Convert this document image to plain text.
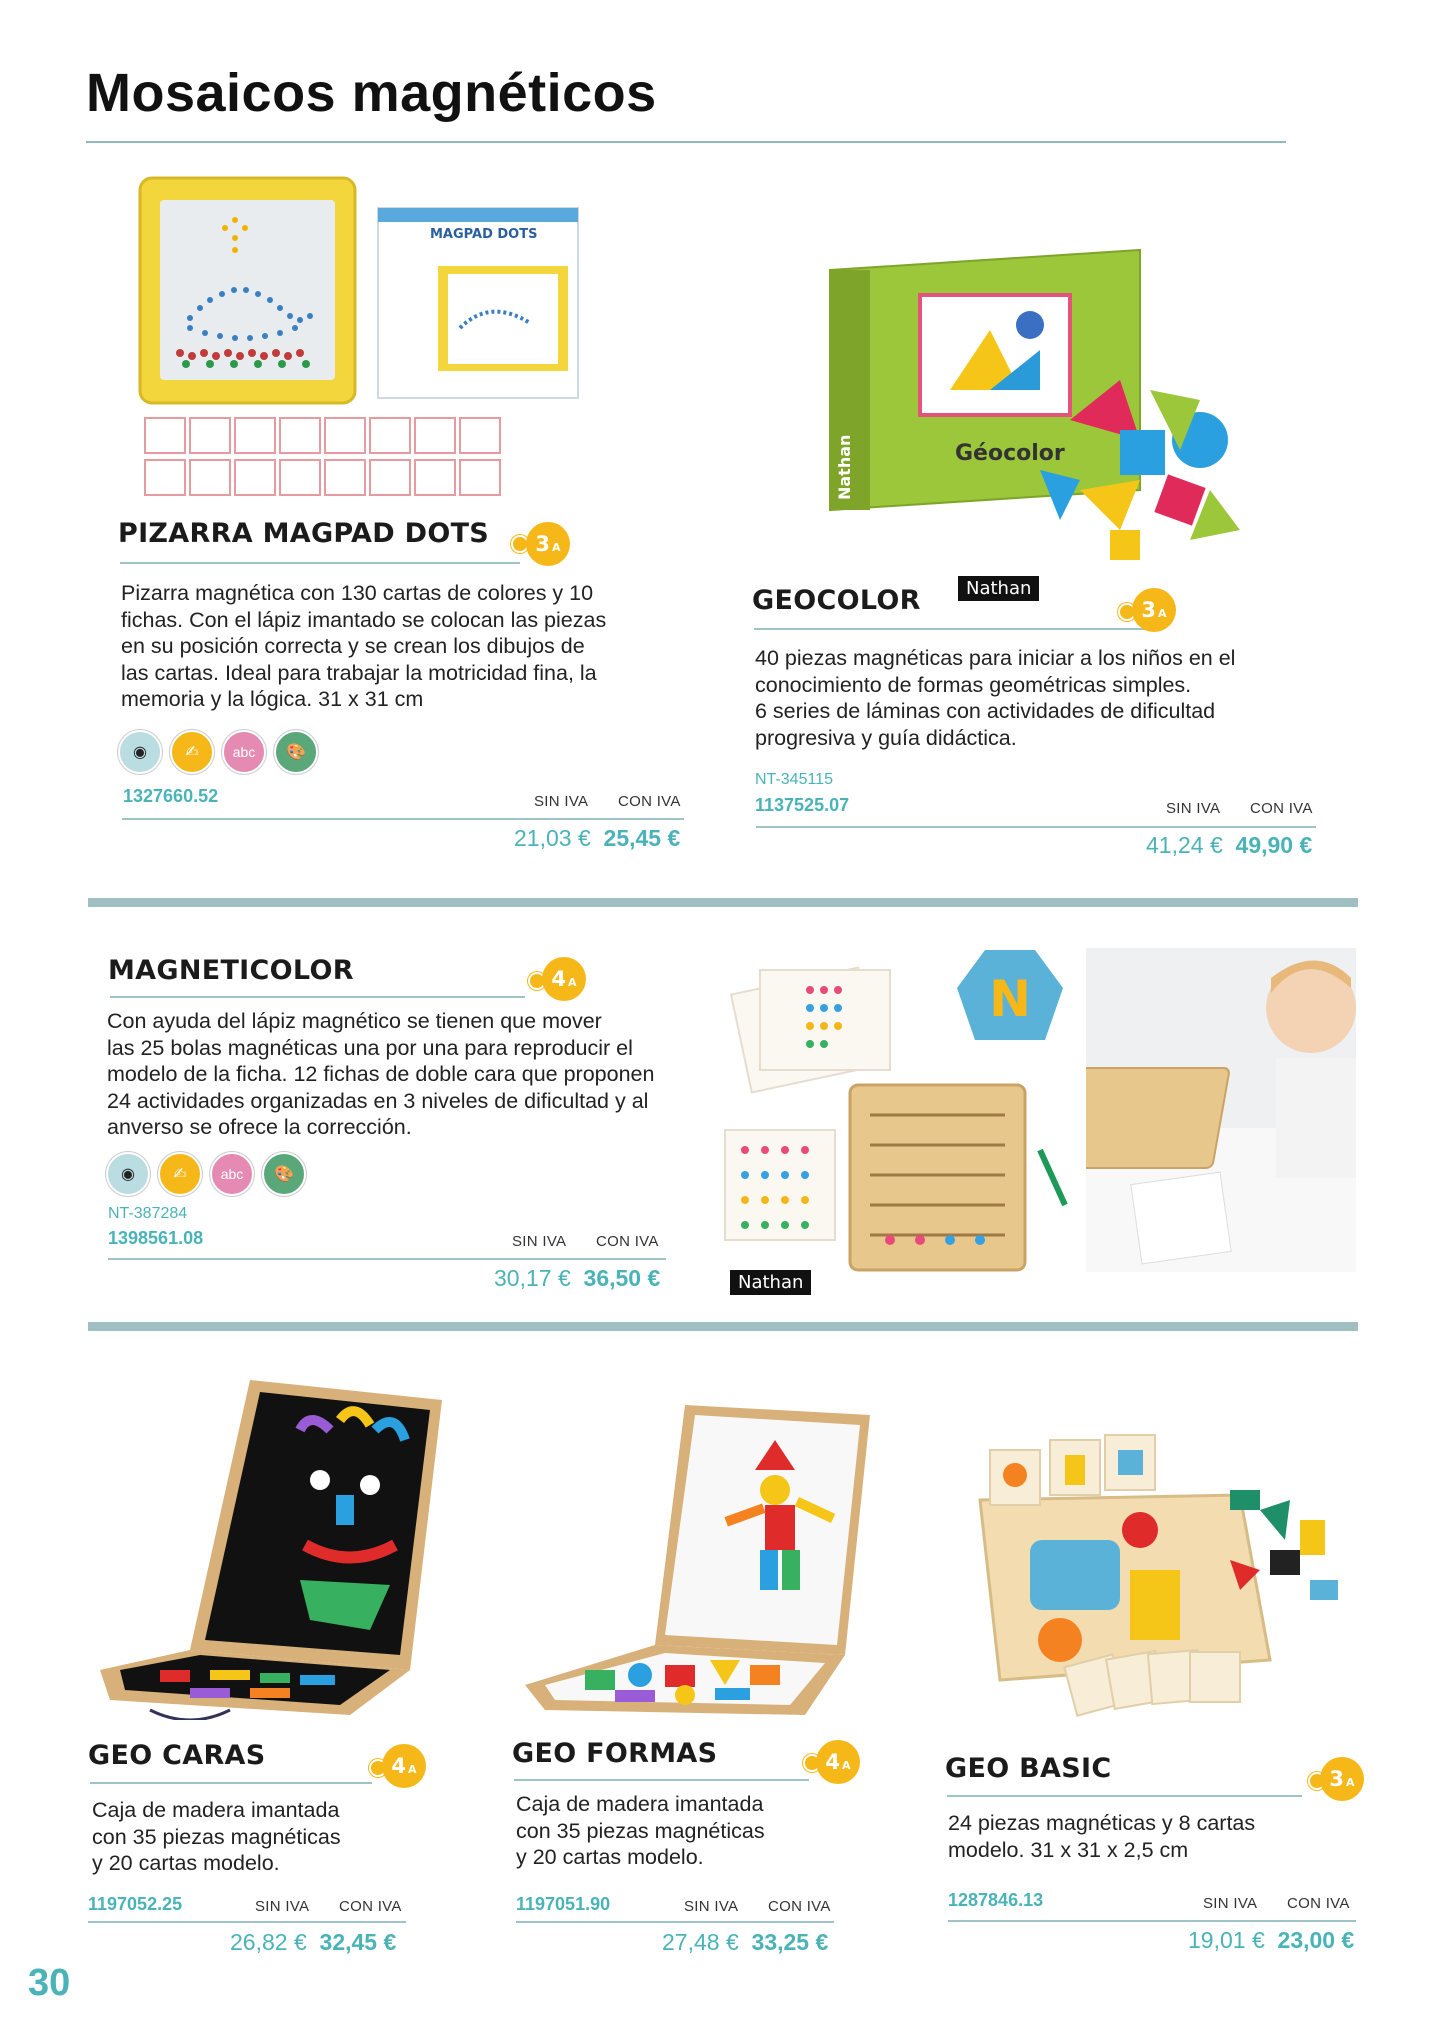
Mosaicos magnéticos
MAGPAD DOTS
PIZARRA MAGPAD DOTS 3 A
Pizarra magnética con 130 cartas de colores y 10
fichas. Con el lápiz imantado se colocan las piezas
en su posición correcta y se crean los dibujos de
las cartas. Ideal para trabajar la motricidad fina, la
memoria y la lógica. 31 x 31 cm
◉	✍	abc	🎨
1327660.52	SIN IVA CON IVA
21,03 € 25,45 €
Nathan	Géocolor
GEOCOLOR	Nathan
3 A
40 piezas magnéticas para iniciar a los niños en el
conocimiento de formas geométricas simples.
6 series de láminas con actividades de dificultad
progresiva y guía didáctica.
NT-345115
1137525.07	SIN IVA CON IVA
41,24 € 49,90 €
MAGNETICOLOR	4 A
Con ayuda del lápiz magnético se tienen que mover
las 25 bolas magnéticas una por una para reproducir el
modelo de la ficha. 12 fichas de doble cara que proponen
24 actividades organizadas en 3 niveles de dificultad y al
anverso se ofrece la corrección.
◉	✍	abc	🎨
NT-387284
1398561.08	SIN IVA CON IVA
30,17 € 36,50 €	Nathan
N
GEO CARAS	4 A
Caja de madera imantada
con 35 piezas magnéticas
y 20 cartas modelo.
1197052.25	SIN IVA CON IVA
26,82 € 32,45 €
GEO FORMAS	4 A
Caja de madera imantada
con 35 piezas magnéticas
y 20 cartas modelo.
1197051.90	SIN IVA CON IVA
27,48 € 33,25 €
GEO BASIC	3 A
24 piezas magnéticas y 8 cartas
modelo. 31 x 31 x 2,5 cm
1287846.13	SIN IVA CON IVA
19,01 € 23,00 €
30
